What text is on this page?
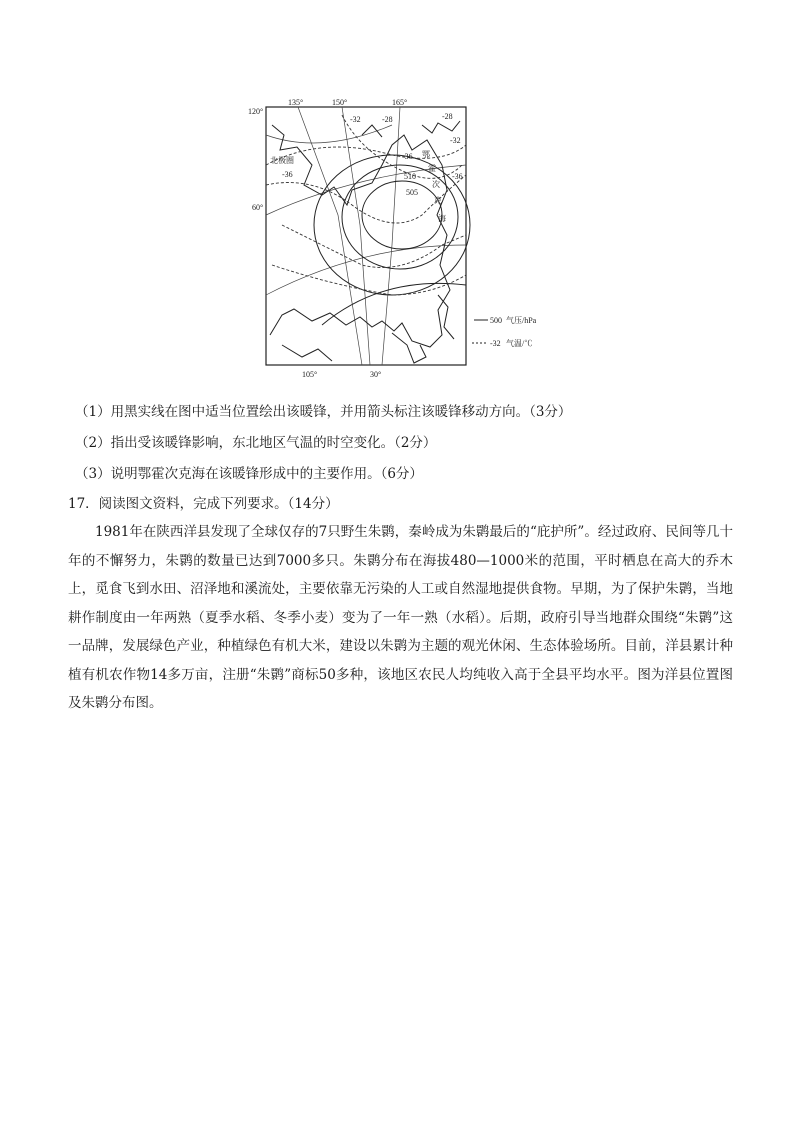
135°	150°	165°
105°	30°
120°
60°
北极圈
鄂
霍
次
克
海
510
505
-32	-28
-36
-32
-28
-36
-36
500 气压/hPa
-32 气温/℃
（1）用黑实线在图中适当位置绘出该暖锋，并用箭头标注该暖锋移动方向。（3分）
（2）指出受该暖锋影响，东北地区气温的时空变化。（2分）
（3）说明鄂霍次克海在该暖锋形成中的主要作用。（6分）
17．阅读图文资料，完成下列要求。（14分）
1981年在陕西洋县发现了全球仅存的7只野生朱鹮，秦岭成为朱鹮最后的“庇护所”。经过政府、民间等几十年的不懈努力，朱鹮的数量已达到7000多只。朱鹮分布在海拔480—1000米的范围，平时栖息在高大的乔木上，觅食飞到水田、沼泽地和溪流处，主要依靠无污染的人工或自然湿地提供食物。早期，为了保护朱鹮，当地耕作制度由一年两熟（夏季水稻、冬季小麦）变为了一年一熟（水稻）。后期，政府引导当地群众围绕“朱鹮”这一品牌，发展绿色产业，种植绿色有机大米，建设以朱鹮为主题的观光休闲、生态体验场所。目前，洋县累计种植有机农作物14多万亩，注册“朱鹮”商标50多种，该地区农民人均纯收入高于全县平均水平。图为洋县位置图及朱鹮分布图。
